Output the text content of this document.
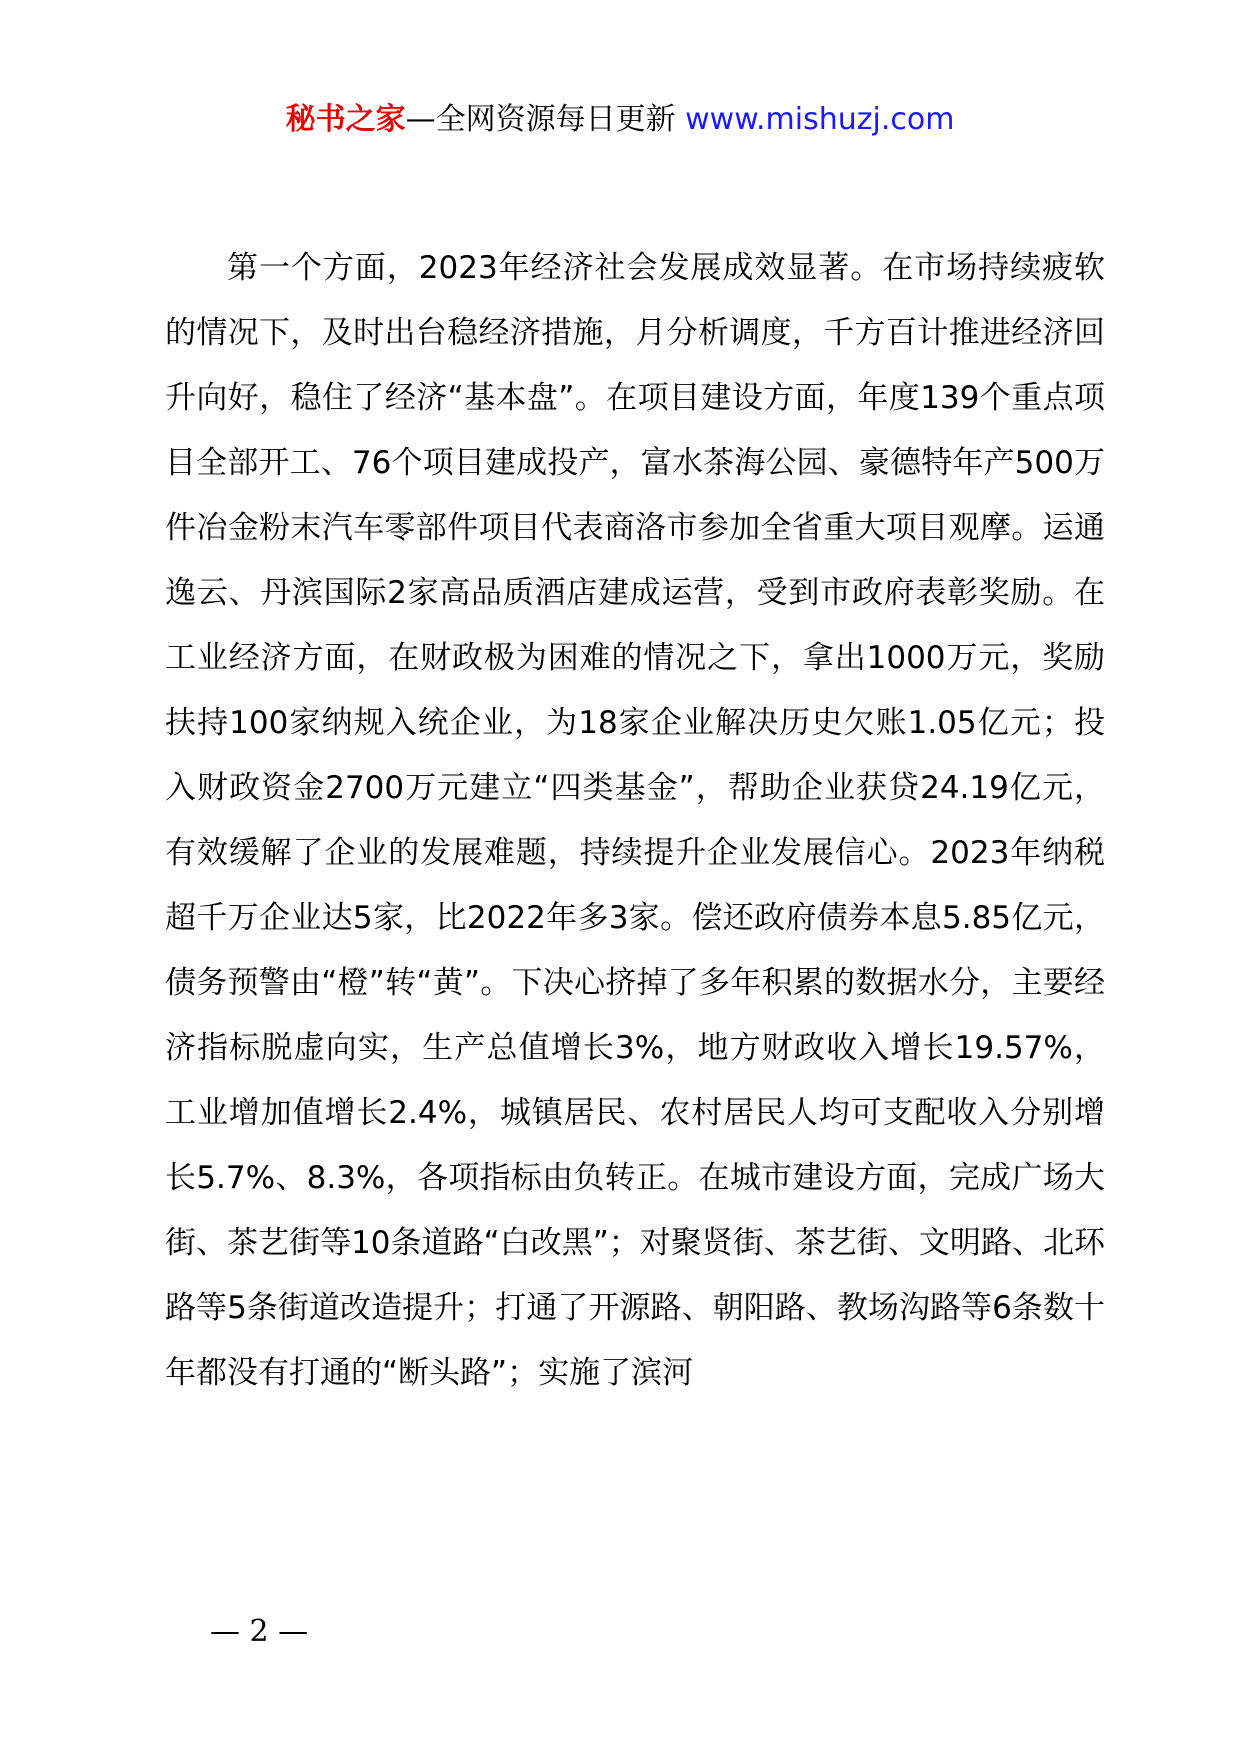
秘书之家—全网资源每日更新 www.mishuzj.com

第一个方面，2023年经济社会发展成效显著。在市场持续疲软的情况下，及时出台稳经济措施，月分析调度，千方百计推进经济回升向好，稳住了经济“基本盘”。在项目建设方面，年度139个重点项目全部开工、76个项目建成投产，富水茶海公园、豪德特年产500万件冶金粉末汽车零部件项目代表商洛市参加全省重大项目观摩。运通逸云、丹滨国际2家高品质酒店建成运营，受到市政府表彰奖励。在工业经济方面，在财政极为困难的情况之下，拿出1000万元，奖励扶持100家纳规入统企业，为18家企业解决历史欠账1.05亿元；投入财政资金2700万元建立“四类基金”，帮助企业获贷24.19亿元，有效缓解了企业的发展难题，持续提升企业发展信心。2023年纳税超千万企业达5家，比2022年多3家。偿还政府债券本息5.85亿元，债务预警由“橙”转“黄”。下决心挤掉了多年积累的数据水分，主要经济指标脱虚向实，生产总值增长3%，地方财政收入增长19.57%，工业增加值增长2.4%，城镇居民、农村居民人均可支配收入分别增长5.7%、8.3%，各项指标由负转正。在城市建设方面，完成广场大街、茶艺街等10条道路“白改黑”；对聚贤街、茶艺街、文明路、北环路等5条街道改造提升；打通了开源路、朝阳路、教场沟路等6条数十年都没有打通的“断头路”；实施了滨河

— 2 —
